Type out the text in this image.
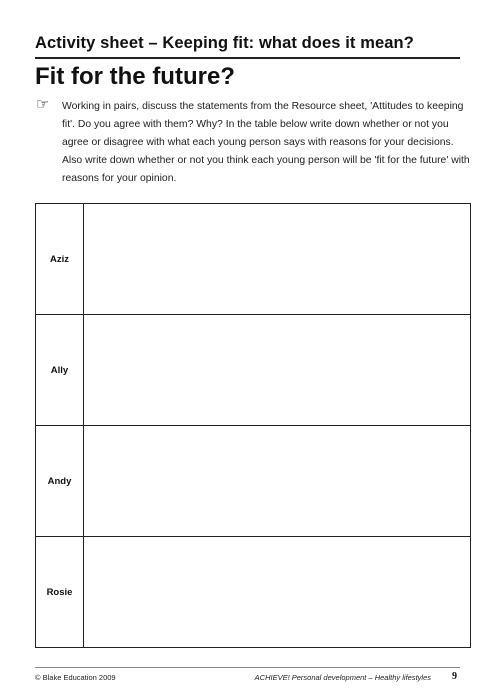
Activity sheet – Keeping fit: what does it mean?
Fit for the future?
☞ Working in pairs, discuss the statements from the Resource sheet, 'Attitudes to keeping fit'. Do you agree with them? Why? In the table below write down whether or not you agree or disagree with what each young person says with reasons for your decisions. Also write down whether or not you think each young person will be 'fit for the future' with reasons for your opinion.
Aziz	
Ally	
Andy	
Rosie	
© Blake Education 2009	ACHIEVE! Personal development – Healthy lifestyles 9
